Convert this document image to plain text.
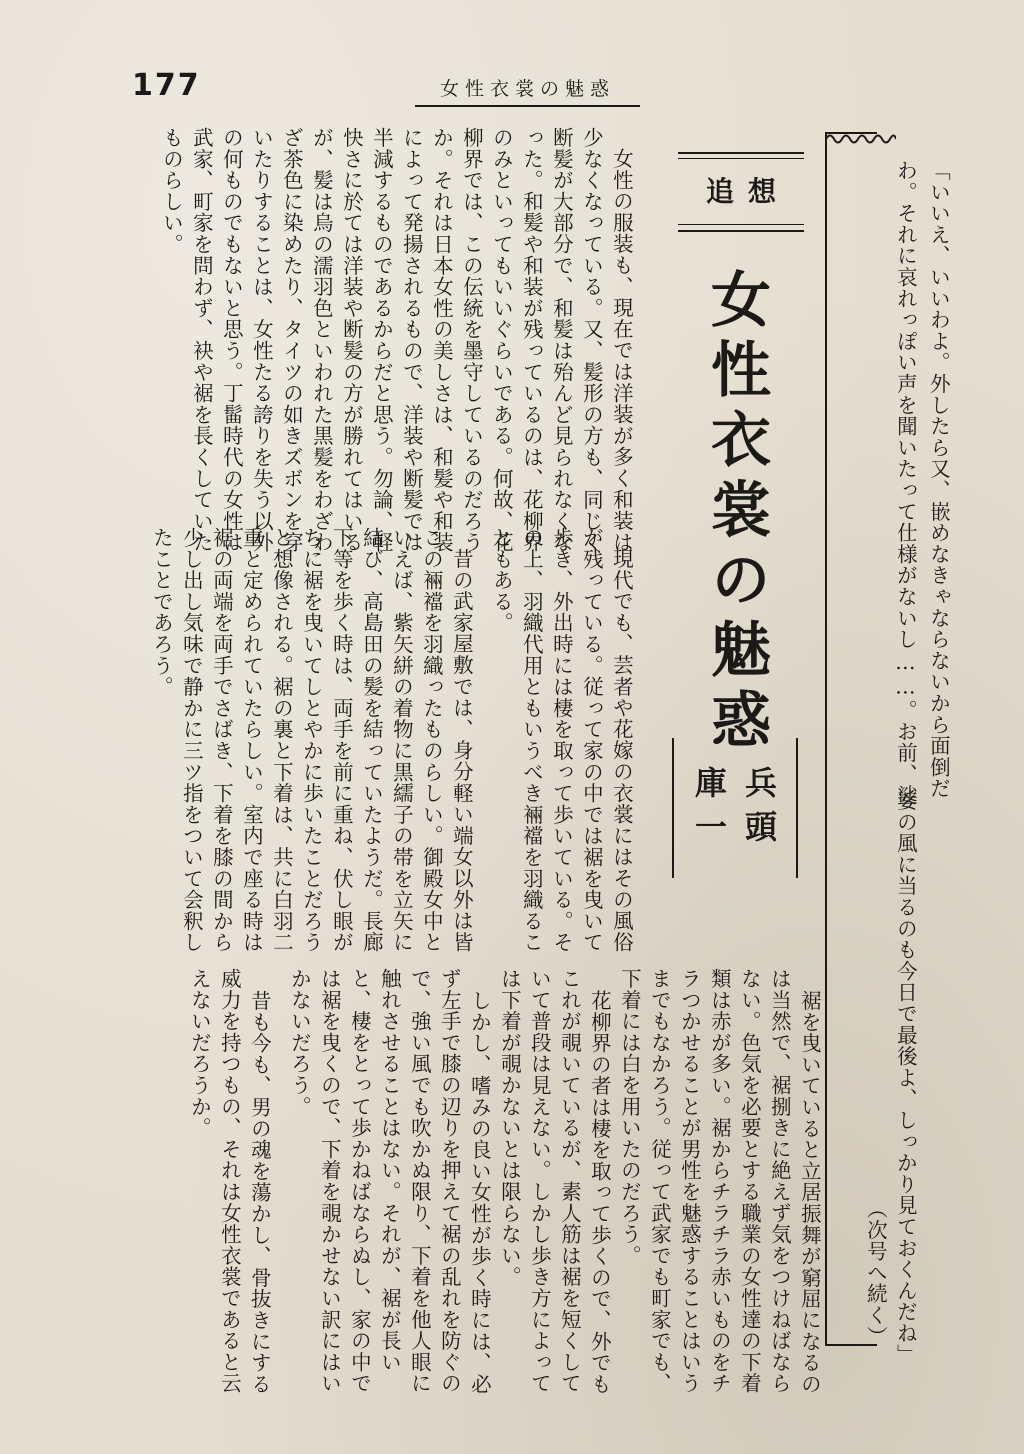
177	女性衣裳の魅惑
「いいえ、いいわよ。外したら又、嵌めなきゃならないから面倒だ
わ。それに哀れっぽい声を聞いたって仕様がないし……。お前、娑
婆の風に当るのも今日で最後よ、しっかり見ておくんだね」
（次号へ続く）
追 想
女性衣裳の魅惑
兵頭
庫一
女性の服装も、現在では洋装が多く和装は
少なくなっている。又、髪形の方も、同じく
断髪が大部分で、和髪は殆んど見られなくな
った。和髪や和装が残っているのは、花柳界
のみといってもいいぐらいである。何故、花
柳界では、この伝統を墨守しているのだろう
か。それは日本女性の美しさは、和髪や和装
によって発揚されるもので、洋装や断髪では
半減するものであるからだと思う。勿論、軽
快さに於ては洋装や断髪の方が勝れてはいる
が、髪は烏の濡羽色といわれた黒髪をわざわ
ざ茶色に染めたり、タイツの如きズボンを穿
いたりすることは、女性たる誇りを失う以外
の何ものでもないと思う。丁髷時代の女性は
武家、町家を問わず、袂や裾を長くしていた
ものらしい。
現代でも、芸者や花嫁の衣裳にはその風俗
が残っている。従って家の中では裾を曳いて
歩き、外出時には棲を取って歩いている。そ
の上、羽織代用ともいうべき裲襠を羽織るこ
ともある。
昔の武家屋敷では、身分軽い端女以外は皆
この裲襠を羽織ったものらしい。御殿女中と
いえば、紫矢絣の着物に黒繻子の帯を立矢に
結び、高島田の髪を結っていたようだ。長廊
下等を歩く時は、両手を前に重ね、伏し眼が
ちに裾を曳いてしとやかに歩いたことだろう
と想像される。裾の裏と下着は、共に白羽二
重と定められていたらしい。室内で座る時は
裾の両端を両手でさばき、下着を膝の間から
少し出し気味で静かに三ツ指をついて会釈し
たことであろう。
裾を曳いていると立居振舞が窮屈になるの
は当然で、裾捌きに絶えず気をつけねばなら
ない。色気を必要とする職業の女性達の下着
類は赤が多い。裾からチラチラ赤いものをチ
ラつかせることが男性を魅惑することはいう
までもなかろう。従って武家でも町家でも、
下着には白を用いたのだろう。
花柳界の者は棲を取って歩くので、外でも
これが覗いているが、素人筋は裾を短くして
いて普段は見えない。しかし歩き方によって
は下着が覗かないとは限らない。
しかし、嗜みの良い女性が歩く時には、必
ず左手で膝の辺りを押えて裾の乱れを防ぐの
で、強い風でも吹かぬ限り、下着を他人眼に
触れさせることはない。それが、裾が長い
と、棲をとって歩かねばならぬし、家の中で
は裾を曳くので、下着を覗かせない訳にはい
かないだろう。
昔も今も、男の魂を蕩かし、骨抜きにする
威力を持つもの、それは女性衣裳であると云
えないだろうか。
